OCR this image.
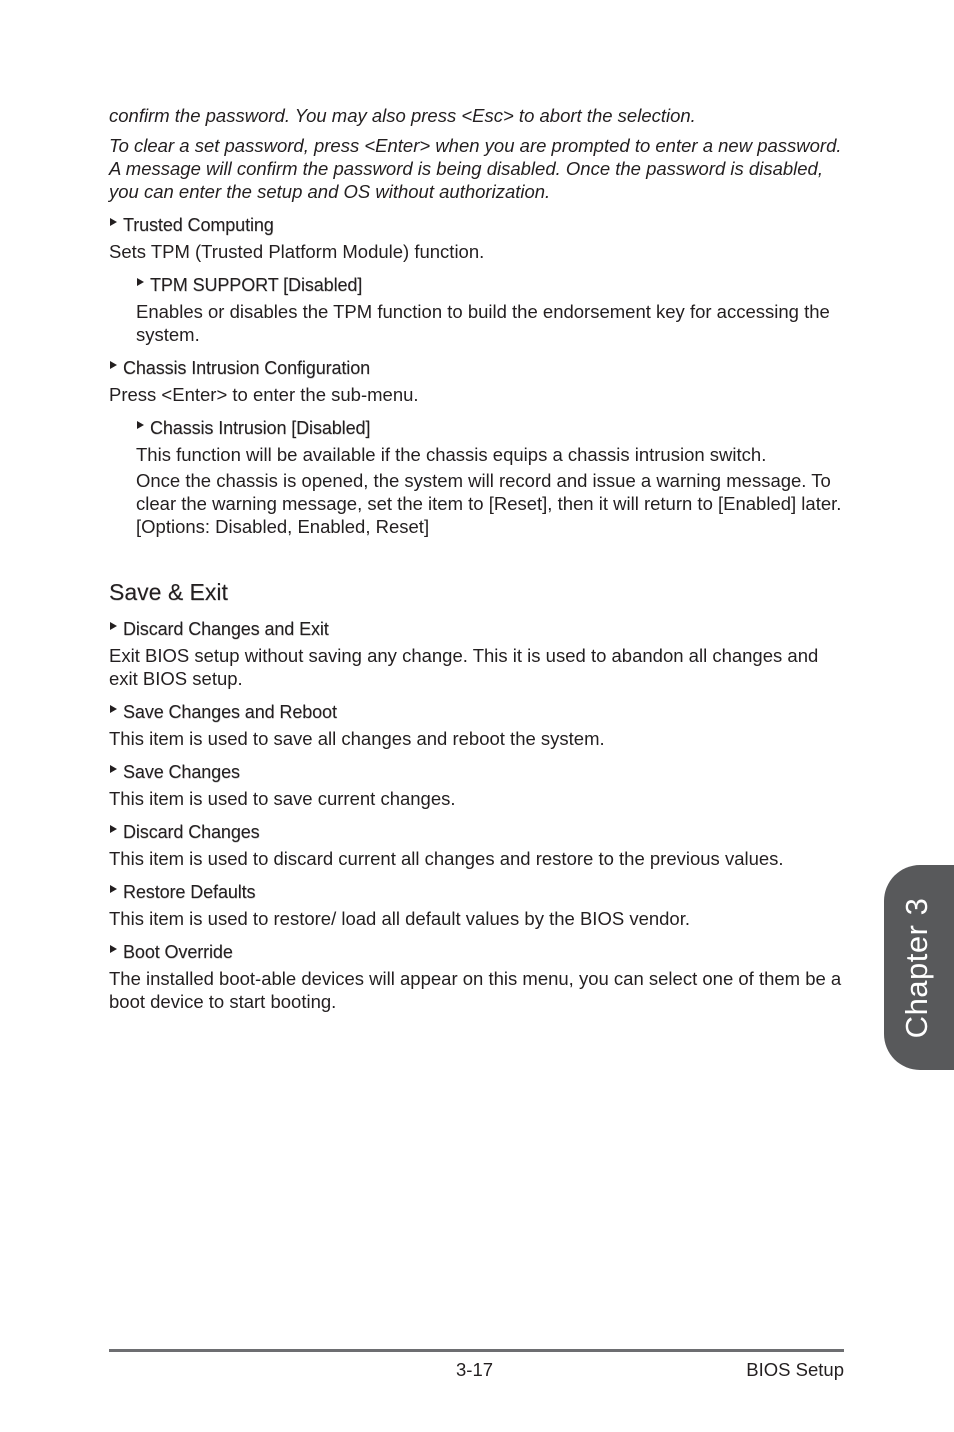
confirm the password. You may also press <Esc> to abort the selection.

To clear a set password, press <Enter> when you are prompted to enter a new password. A message will confirm the password is being disabled. Once the password is disabled, you can enter the setup and OS without authorization.

Trusted Computing

Sets TPM (Trusted Platform Module) function.

TPM SUPPORT [Disabled]

Enables or disables the TPM function to build the endorsement key for accessing the system.

Chassis Intrusion Configuration

Press <Enter> to enter the sub-menu.

Chassis Intrusion [Disabled]

This function will be available if the chassis equips a chassis intrusion switch.

Once the chassis is opened, the system will record and issue a warning message. To clear the warning message, set the item to [Reset], then it will return to [Enabled] later. [Options: Disabled, Enabled, Reset]

Save & Exit
Discard Changes and Exit

Exit BIOS setup without saving any change. This it is used to abandon all changes and exit BIOS setup.

Save Changes and Reboot

This item is used to save all changes and reboot the system.

Save Changes

This item is used to save current changes.

Discard Changes

This item is used to discard current all changes and restore to the previous values.

Restore Defaults

This item is used to restore/ load all default values by the BIOS vendor.

Boot Override

The installed boot-able devices will appear on this menu, you can select one of them be a boot device to start booting.	Chapter 3
3-17	BIOS Setup
